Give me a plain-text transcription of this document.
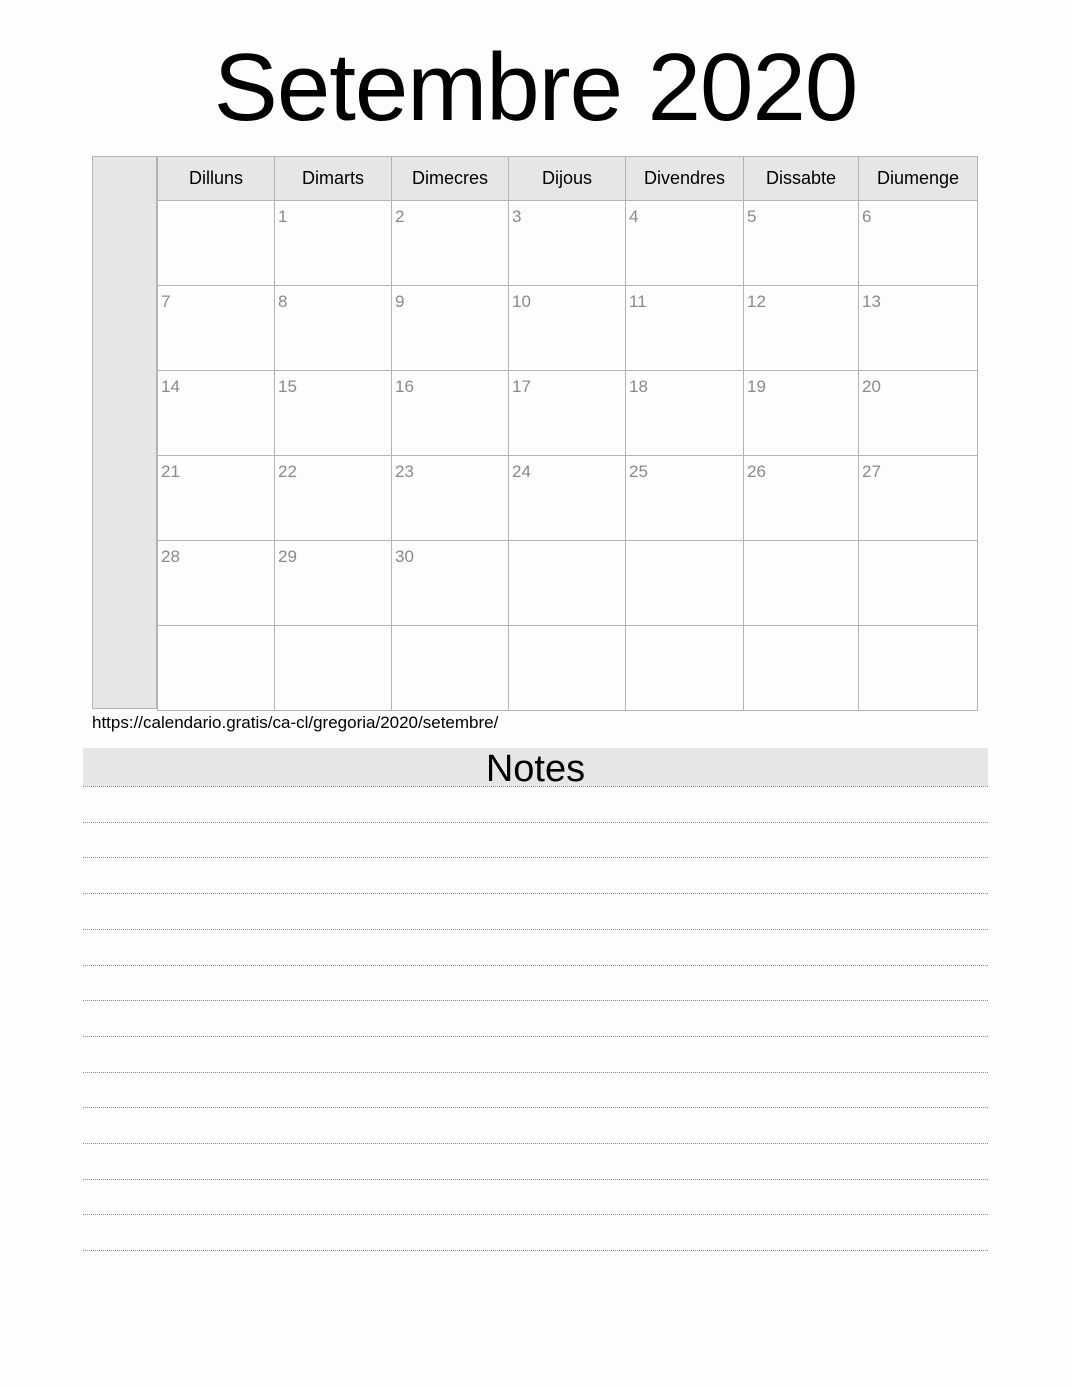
Setembre 2020
Dilluns	Dimarts	Dimecres	Dijous	Divendres	Dissabte	Diumenge

	1	2	3	4	5	6

7	8	9	10	11	12	13

14	15	16	17	18	19	20

21	22	23	24	25	26	27

28	29	30				

https://calendario.gratis/ca-cl/gregoria/2020/setembre/
Notes
